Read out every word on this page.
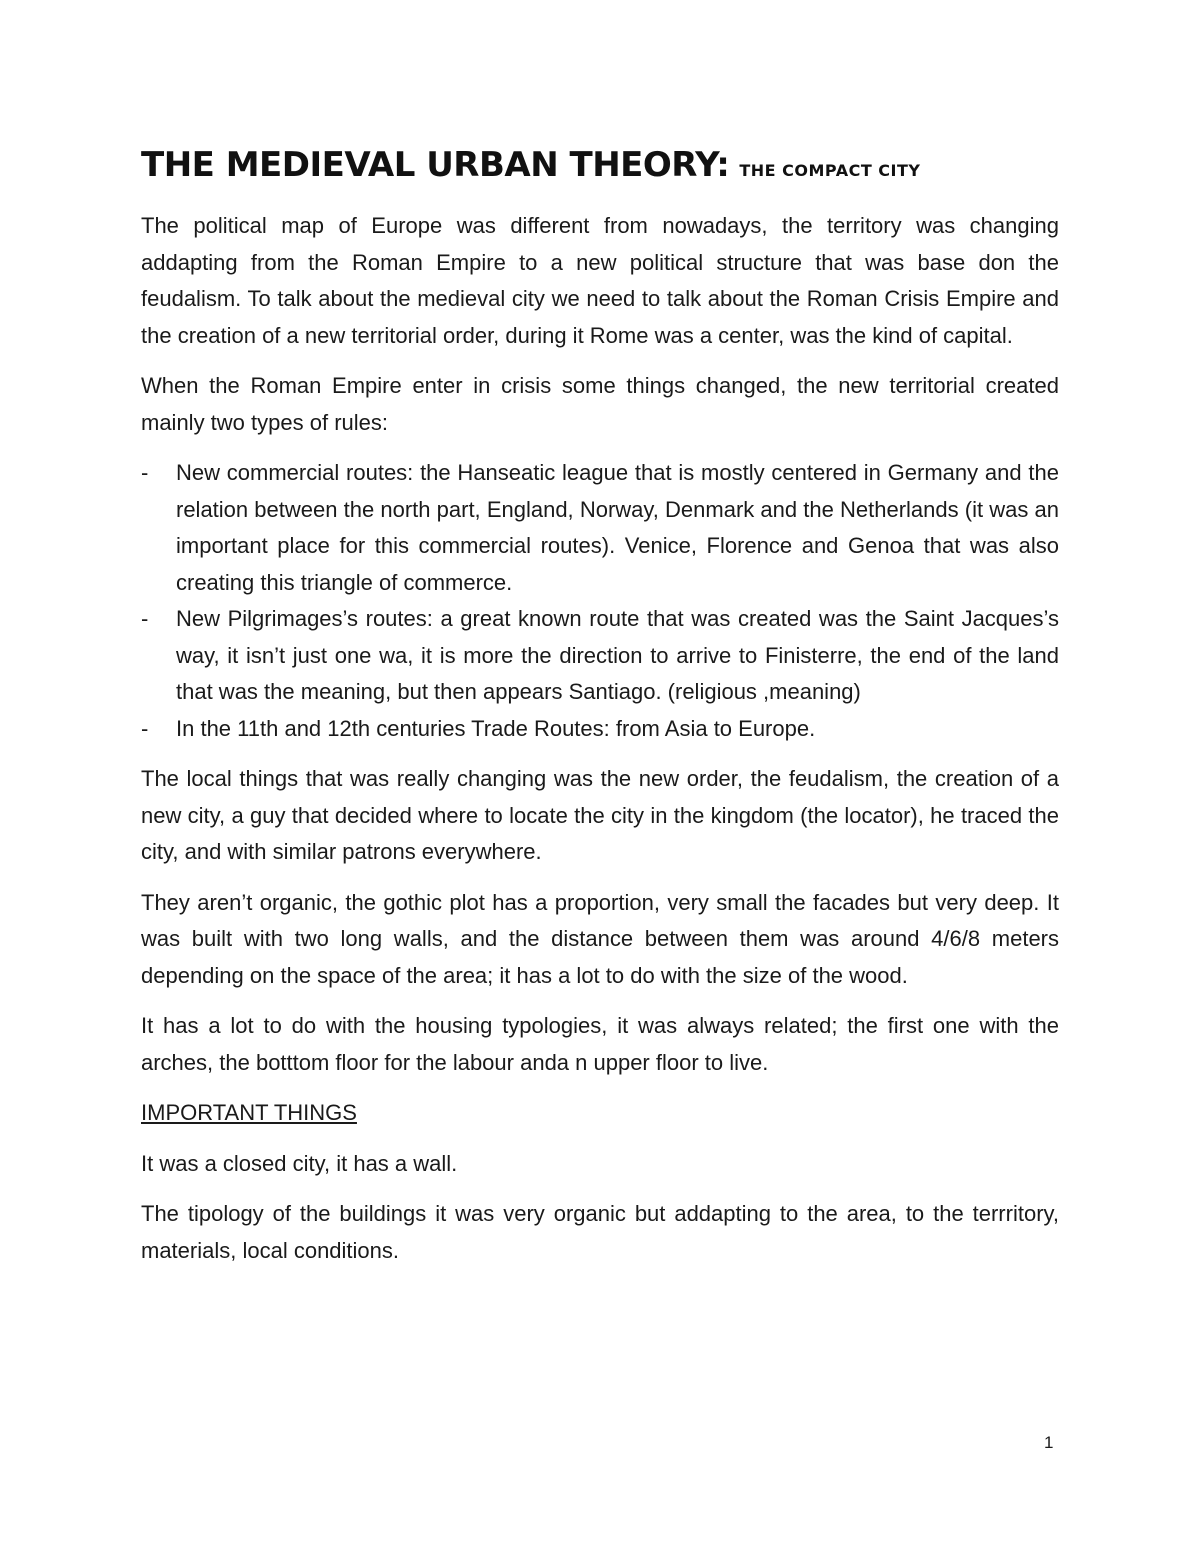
THE MEDIEVAL URBAN THEORY: THE COMPACT CITY

The political map of Europe was different from nowadays, the territory was changing addapting from the Roman Empire to a new political structure that was base don the feudalism. To talk about the medieval city we need to talk about the Roman Crisis Empire and the creation of a new territorial order, during it Rome was a center, was the kind of capital.

When the Roman Empire enter in crisis some things changed, the new territorial created mainly two types of rules:

- New commercial routes: the Hanseatic league that is mostly centered in Germany and the relation between the north part, England, Norway, Denmark and the Netherlands (it was an important place for this commercial routes). Venice, Florence and Genoa that was also creating this triangle of commerce.
- New Pilgrimages’s routes: a great known route that was created was the Saint Jacques’s way, it isn’t just one wa, it is more the direction to arrive to Finisterre, the end of the land that was the meaning, but then appears Santiago. (religious ,meaning)
- In the 11th and 12th centuries Trade Routes: from Asia to Europe.

The local things that was really changing was the new order, the feudalism, the creation of a new city, a guy that decided where to locate the city in the kingdom (the locator), he traced the city, and with similar patrons everywhere.

They aren’t organic, the gothic plot has a proportion, very small the facades but very deep. It was built with two long walls, and the distance between them was around 4/6/8 meters depending on the space of the area; it has a lot to do with the size of the wood.

It has a lot to do with the housing typologies, it was always related; the first one with the arches, the botttom floor for the labour anda n upper floor to live.

IMPORTANT THINGS

It was a closed city, it has a wall.

The tipology of the buildings it was very organic but addapting to the area, to the terrritory, materials, local conditions.

1
